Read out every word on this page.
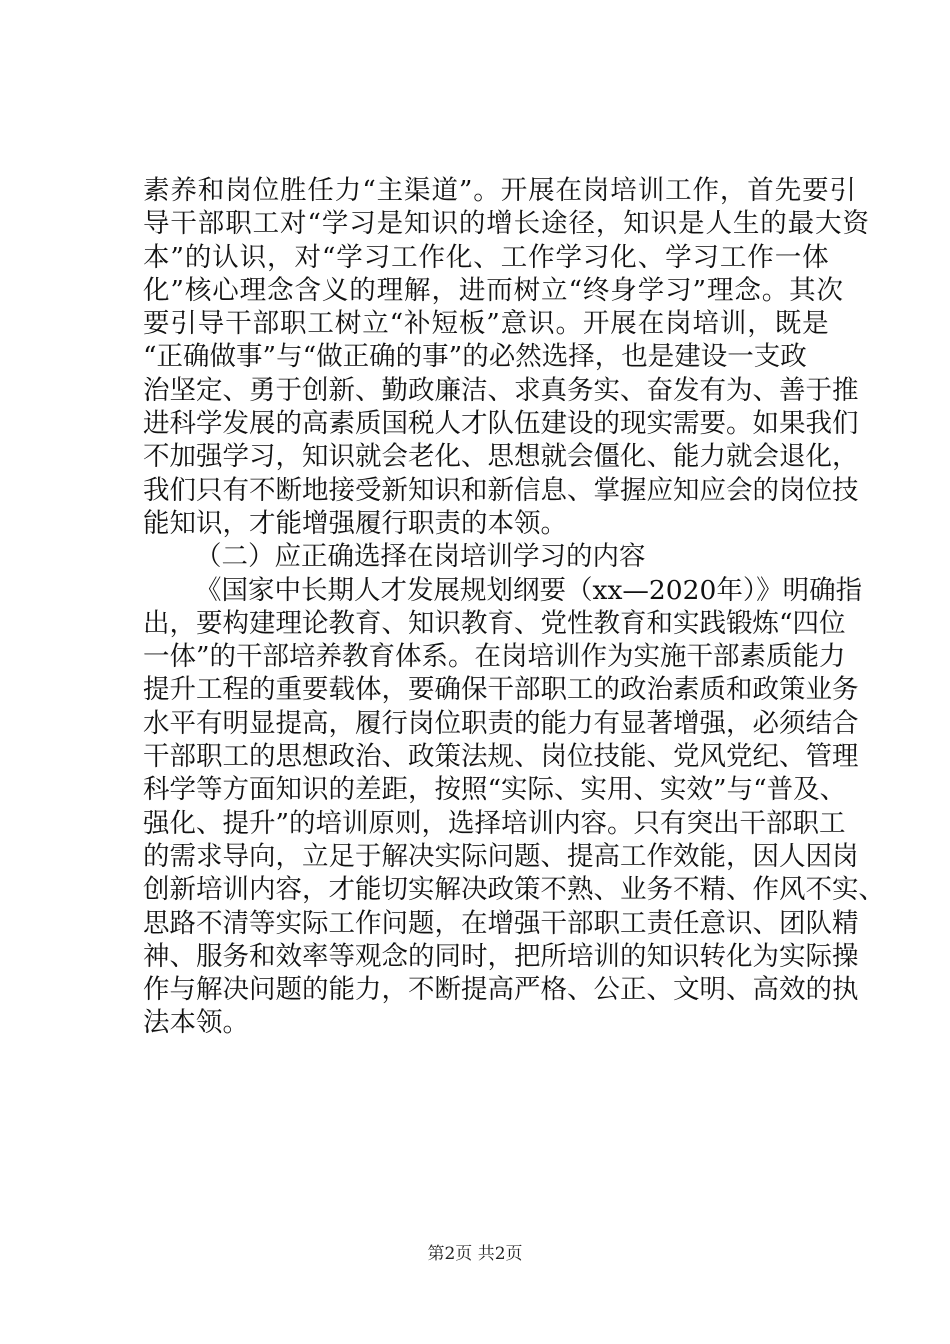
素养和岗位胜任力“主渠道”。开展在岗培训工作，首先要引
导干部职工对“学习是知识的增长途径，知识是人生的最大资
本”的认识，对“学习工作化、工作学习化、学习工作一体
化”核心理念含义的理解，进而树立“终身学习”理念。其次
要引导干部职工树立“补短板”意识。开展在岗培训，既是
“正确做事”与“做正确的事”的必然选择，也是建设一支政
治坚定、勇于创新、勤政廉洁、求真务实、奋发有为、善于推
进科学发展的高素质国税人才队伍建设的现实需要。如果我们
不加强学习，知识就会老化、思想就会僵化、能力就会退化，
我们只有不断地接受新知识和新信息、掌握应知应会的岗位技
能知识，才能增强履行职责的本领。
（二）应正确选择在岗培训学习的内容
《国家中长期人才发展规划纲要（xx—2020年）》明确指
出，要构建理论教育、知识教育、党性教育和实践锻炼“四位
一体”的干部培养教育体系。在岗培训作为实施干部素质能力
提升工程的重要载体，要确保干部职工的政治素质和政策业务
水平有明显提高，履行岗位职责的能力有显著增强，必须结合
干部职工的思想政治、政策法规、岗位技能、党风党纪、管理
科学等方面知识的差距，按照“实际、实用、实效”与“普及、
强化、提升”的培训原则，选择培训内容。只有突出干部职工
的需求导向，立足于解决实际问题、提高工作效能，因人因岗
创新培训内容，才能切实解决政策不熟、业务不精、作风不实、
思路不清等实际工作问题，在增强干部职工责任意识、团队精
神、服务和效率等观念的同时，把所培训的知识转化为实际操
作与解决问题的能力，不断提高严格、公正、文明、高效的执
法本领。
第2页 共2页
